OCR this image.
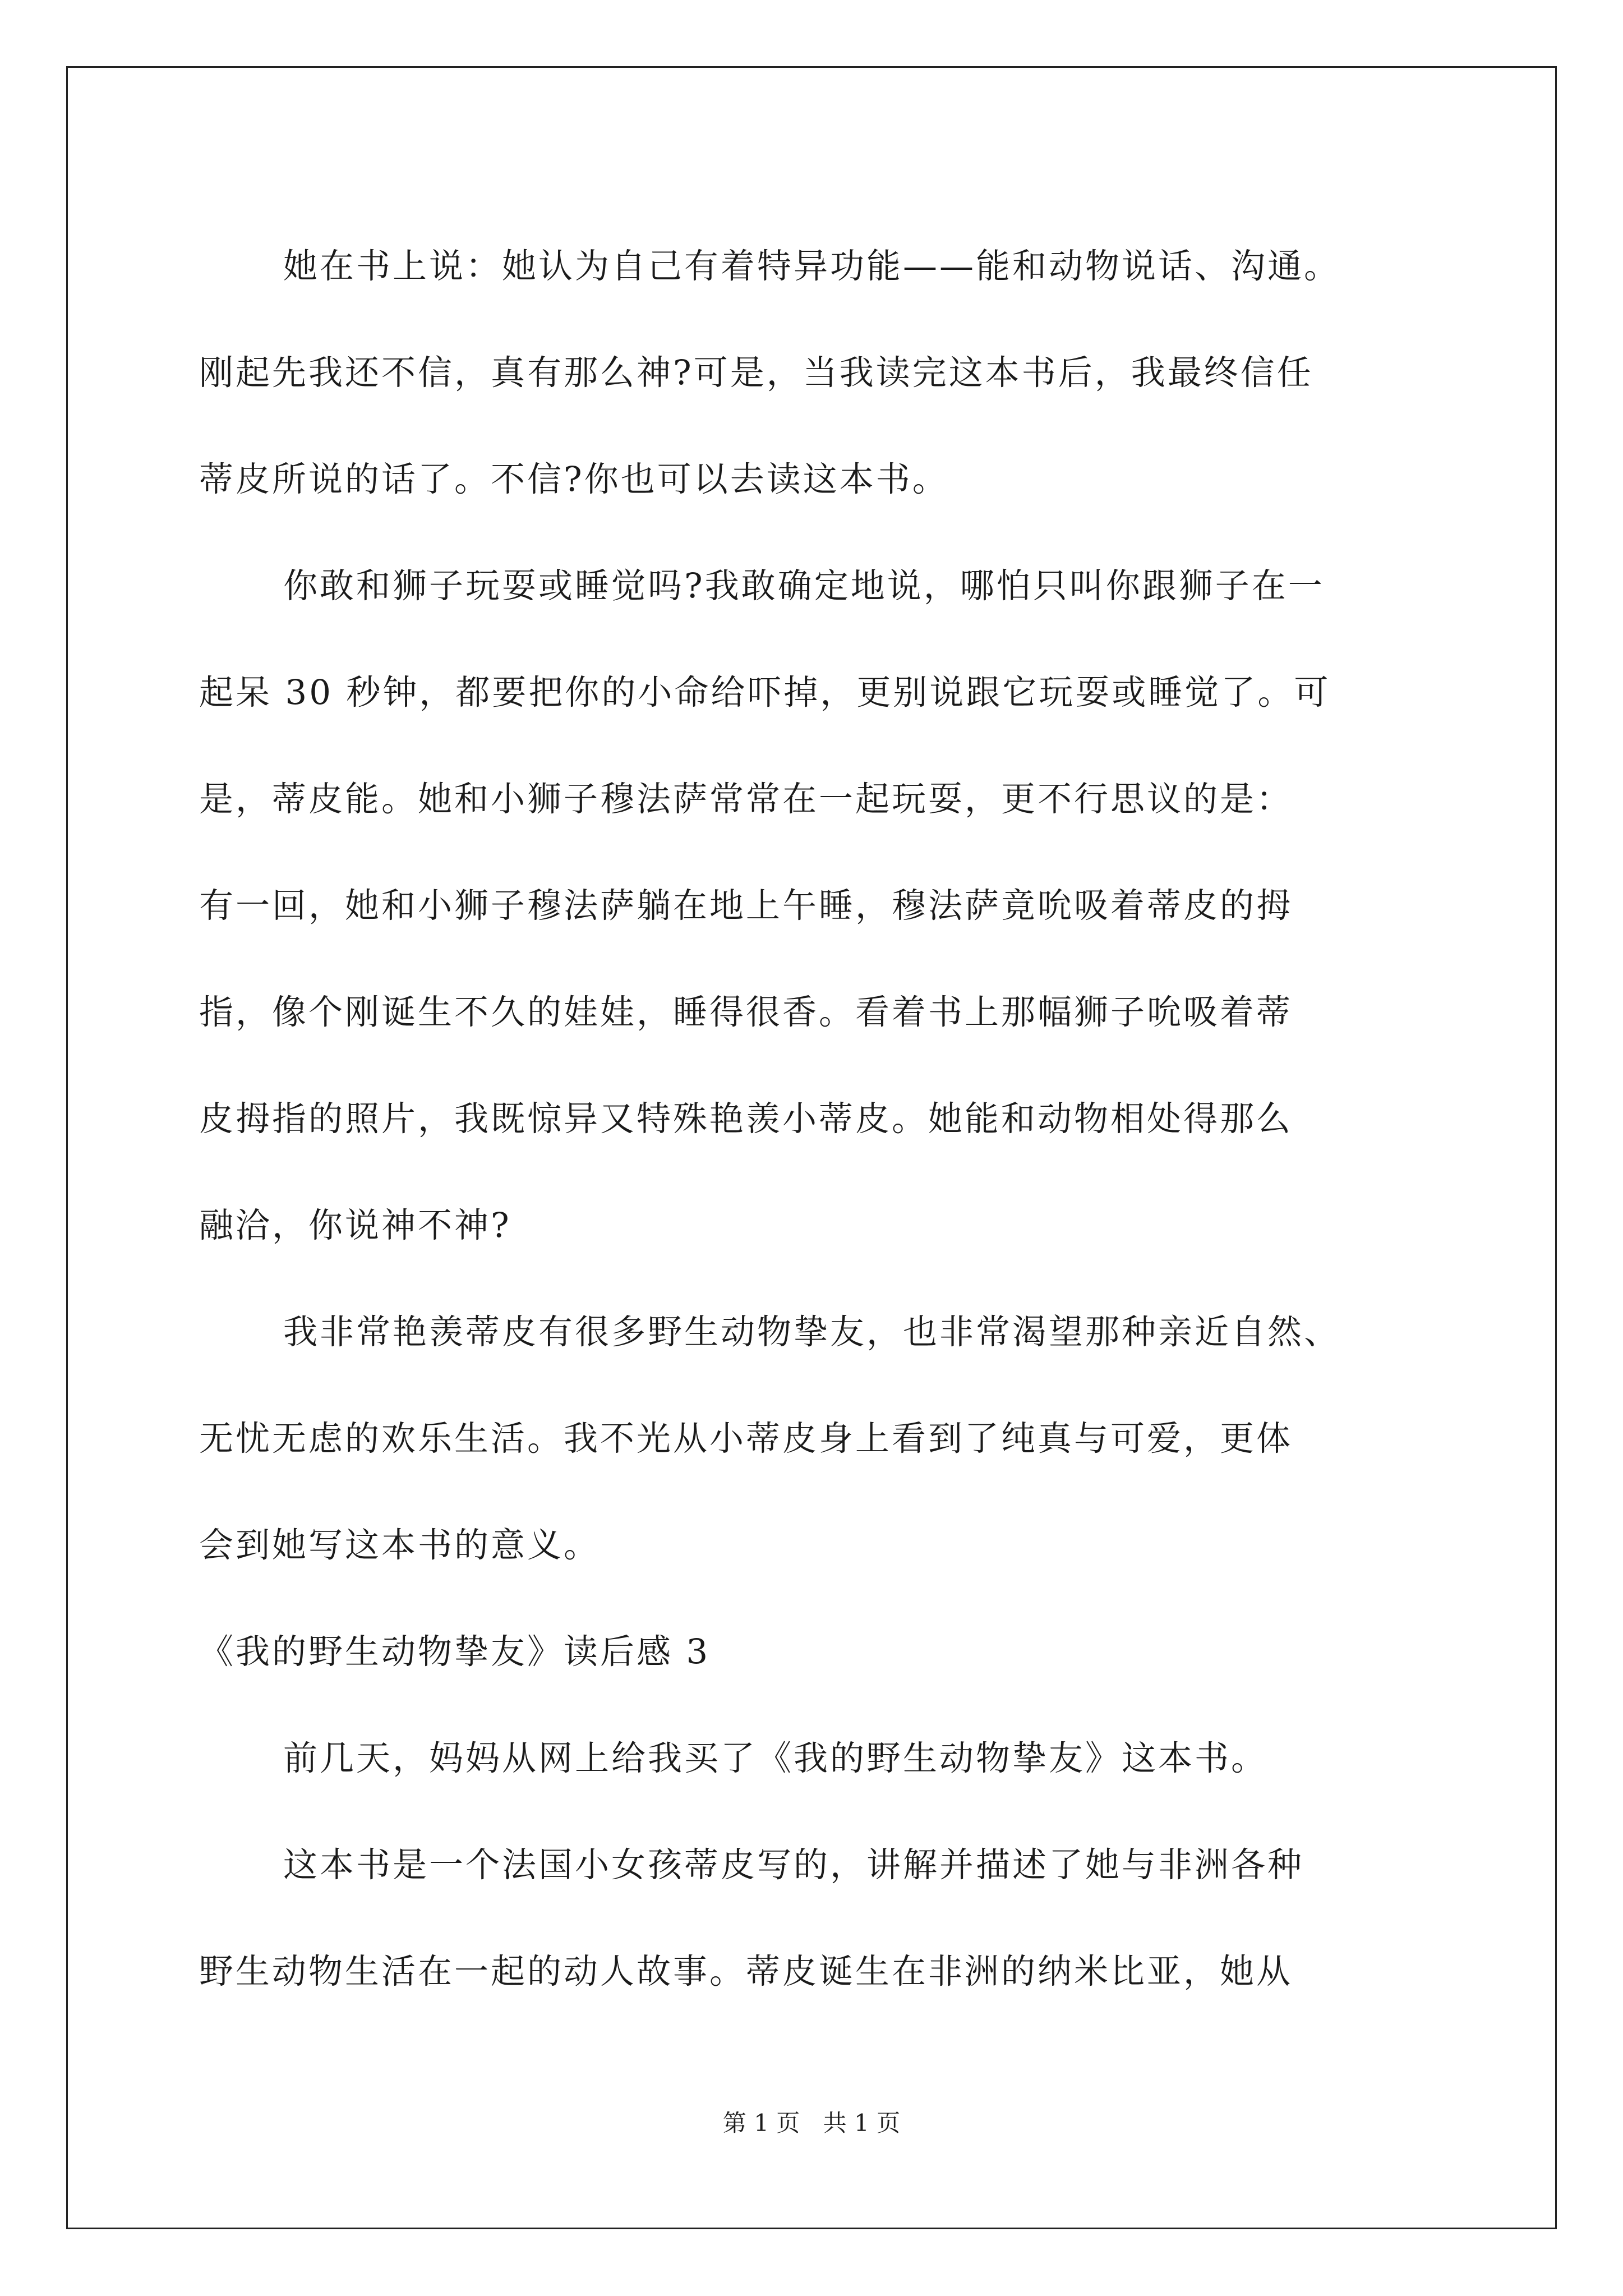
她在书上说：她认为自己有着特异功能——能和动物说话、沟通。
刚起先我还不信，真有那么神?可是，当我读完这本书后，我最终信任
蒂皮所说的话了。不信?你也可以去读这本书。
你敢和狮子玩耍或睡觉吗?我敢确定地说，哪怕只叫你跟狮子在一
起呆 30 秒钟，都要把你的小命给吓掉，更别说跟它玩耍或睡觉了。可
是，蒂皮能。她和小狮子穆法萨常常在一起玩耍，更不行思议的是：
有一回，她和小狮子穆法萨躺在地上午睡，穆法萨竟吮吸着蒂皮的拇
指，像个刚诞生不久的娃娃，睡得很香。看着书上那幅狮子吮吸着蒂
皮拇指的照片，我既惊异又特殊艳羡小蒂皮。她能和动物相处得那么
融洽，你说神不神?
我非常艳羡蒂皮有很多野生动物挚友，也非常渴望那种亲近自然、
无忧无虑的欢乐生活。我不光从小蒂皮身上看到了纯真与可爱，更体
会到她写这本书的意义。
《我的野生动物挚友》读后感 3
前几天，妈妈从网上给我买了《我的野生动物挚友》这本书。
这本书是一个法国小女孩蒂皮写的，讲解并描述了她与非洲各种
野生动物生活在一起的动人故事。蒂皮诞生在非洲的纳米比亚，她从
第 1 页 共 1 页
